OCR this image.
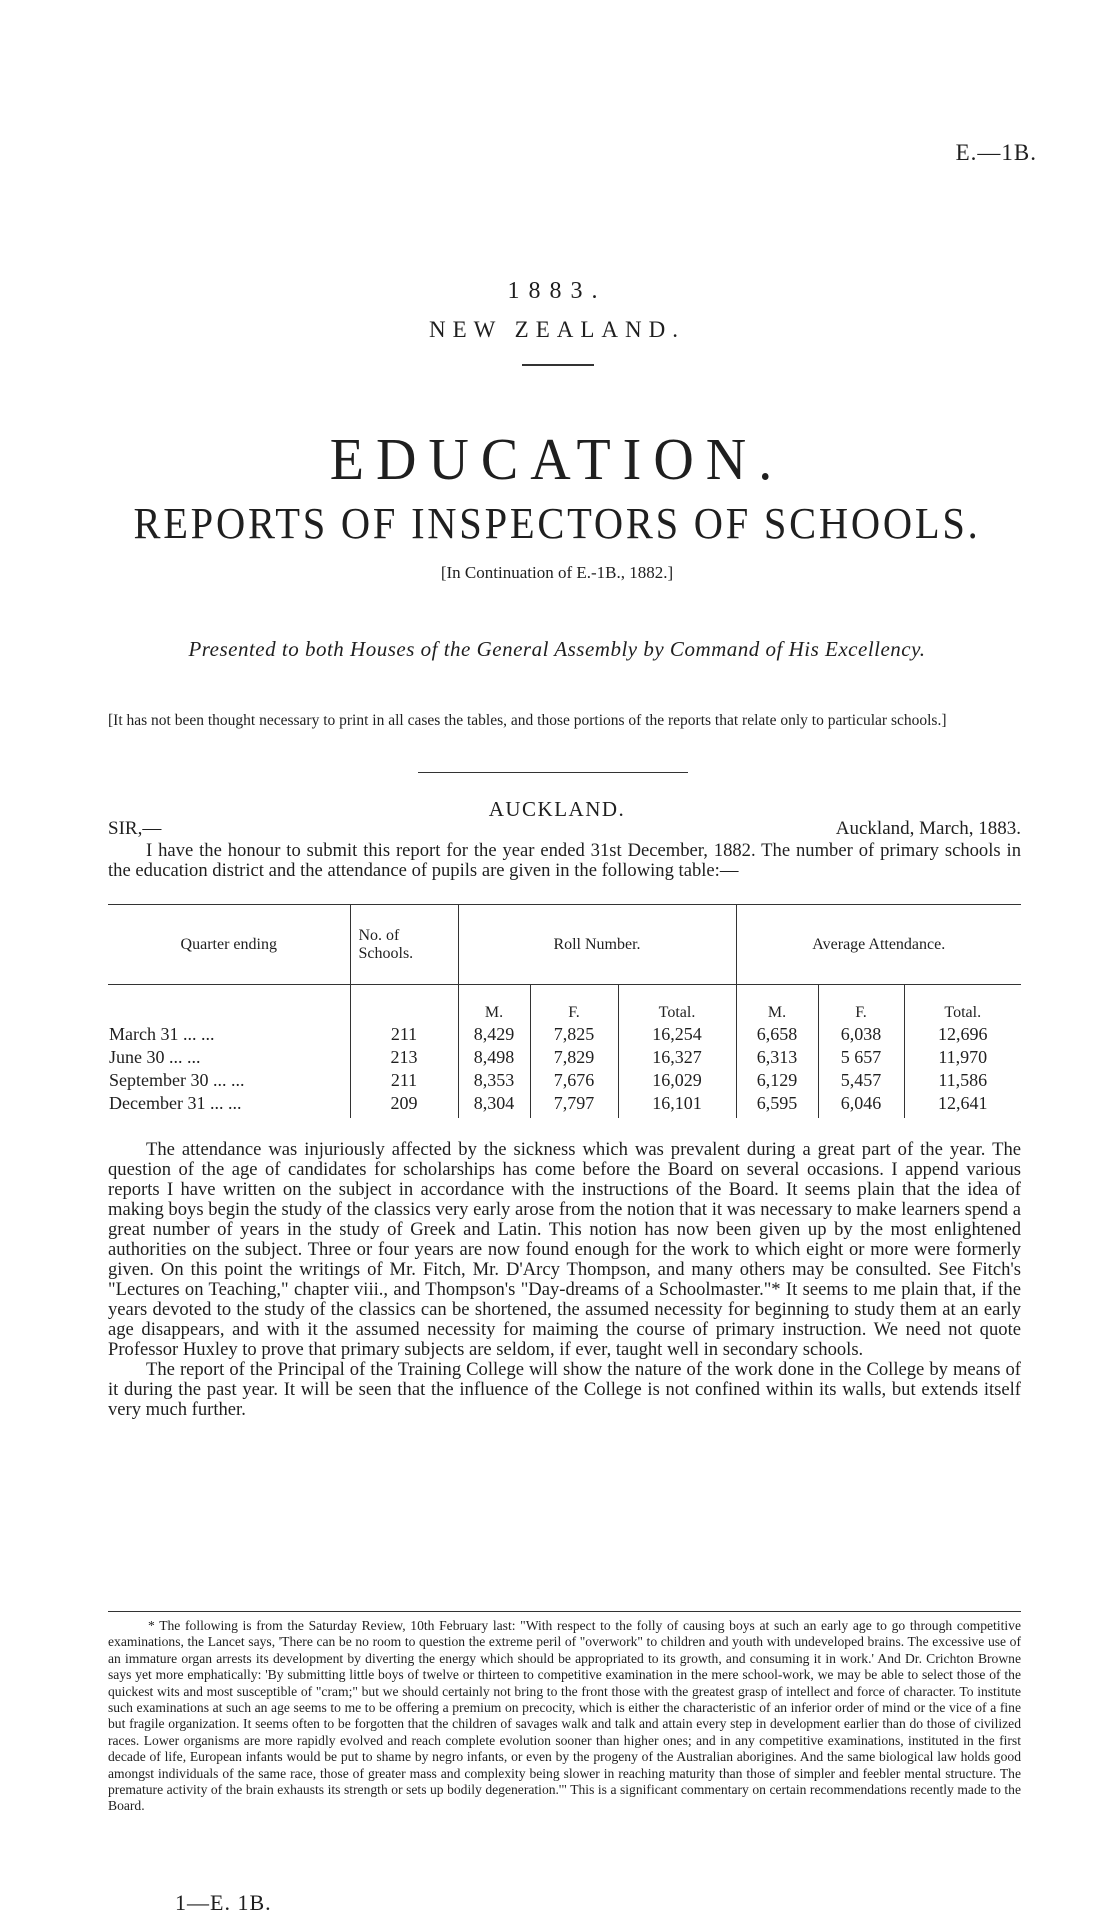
E.—1B.
1883.
NEW ZEALAND.
EDUCATION.
REPORTS OF INSPECTORS OF SCHOOLS.
[In Continuation of E.-1B., 1882.]
Presented to both Houses of the General Assembly by Command of His Excellency.
[It has not been thought necessary to print in all cases the tables, and those portions of the reports that relate only to particular schools.]
AUCKLAND.
SIR,—	Auckland, March, 1883.

I have the honour to submit this report for the year ended 31st December, 1882. The number of primary schools in the education district and the attendance of pupils are given in the following table:—

Quarter ending	No. of Schools.	Roll Number.			Average Attendance.		
		M.	F.	Total.	M.	F.	Total.
March 31 ... ...	211	8,429	7,825	16,254	6,658	6,038	12,696
June 30 ... ...	213	8,498	7,829	16,327	6,313	5 657	11,970
September 30 ... ...	211	8,353	7,676	16,029	6,129	5,457	11,586
December 31 ... ...	209	8,304	7,797	16,101	6,595	6,046	12,641

The attendance was injuriously affected by the sickness which was prevalent during a great part of the year. The question of the age of candidates for scholarships has come before the Board on several occasions. I append various reports I have written on the subject in accordance with the instructions of the Board. It seems plain that the idea of making boys begin the study of the classics very early arose from the notion that it was necessary to make learners spend a great number of years in the study of Greek and Latin. This notion has now been given up by the most enlightened authorities on the subject. Three or four years are now found enough for the work to which eight or more were formerly given. On this point the writings of Mr. Fitch, Mr. D'Arcy Thompson, and many others may be consulted. See Fitch's "Lectures on Teaching," chapter viii., and Thompson's "Day-dreams of a Schoolmaster."* It seems to me plain that, if the years devoted to the study of the classics can be shortened, the assumed necessity for beginning to study them at an early age disappears, and with it the assumed necessity for maiming the course of primary instruction. We need not quote Professor Huxley to prove that primary subjects are seldom, if ever, taught well in secondary schools.

The report of the Principal of the Training College will show the nature of the work done in the College by means of it during the past year. It will be seen that the influence of the College is not confined within its walls, but extends itself very much further.

* The following is from the Saturday Review, 10th February last: "With respect to the folly of causing boys at such an early age to go through competitive examinations, the Lancet says, 'There can be no room to question the extreme peril of "overwork" to children and youth with undeveloped brains. The excessive use of an immature organ arrests its development by diverting the energy which should be appropriated to its growth, and consuming it in work.' And Dr. Crichton Browne says yet more emphatically: 'By submitting little boys of twelve or thirteen to competitive examination in the mere school-work, we may be able to select those of the quickest wits and most susceptible of "cram;" but we should certainly not bring to the front those with the greatest grasp of intellect and force of character. To institute such examinations at such an age seems to me to be offering a premium on precocity, which is either the characteristic of an inferior order of mind or the vice of a fine but fragile organization. It seems often to be forgotten that the children of savages walk and talk and attain every step in development earlier than do those of civilized races. Lower organisms are more rapidly evolved and reach complete evolution sooner than higher ones; and in any competitive examinations, instituted in the first decade of life, European infants would be put to shame by negro infants, or even by the progeny of the Australian aborigines. And the same biological law holds good amongst individuals of the same race, those of greater mass and complexity being slower in reaching maturity than those of simpler and feebler mental structure. The premature activity of the brain exhausts its strength or sets up bodily degeneration.'" This is a significant commentary on certain recommendations recently made to the Board.

1—E. 1B.
